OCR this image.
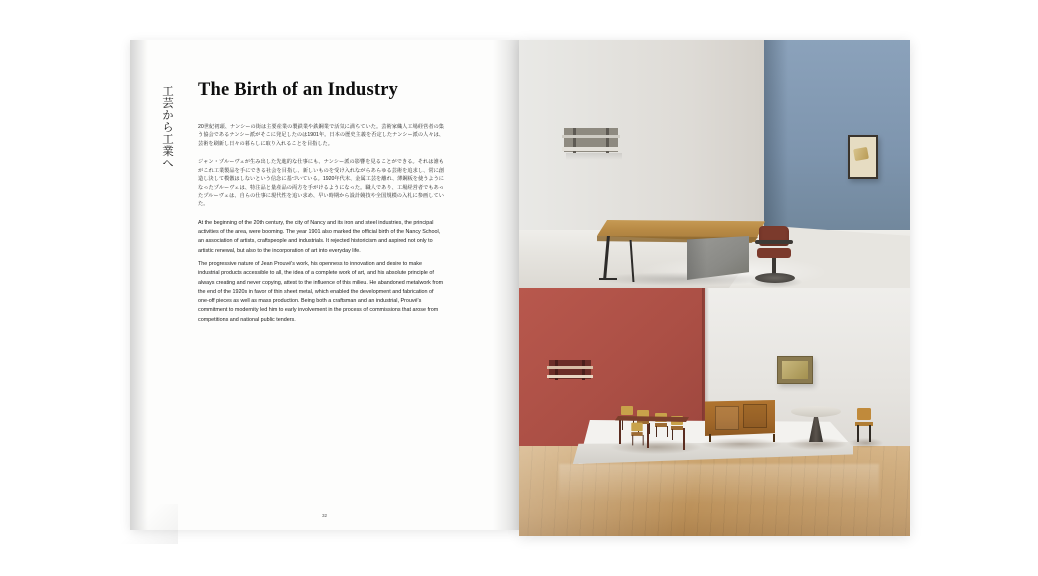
工芸から工業へ The Birth of an Industry
20世紀初頭、ナンシーの街は主要産業の製鉄業や鉄鋼業で活気に満ちていた。芸術家織人工場経営者の集う協会であるナンシー派がそこに発足したのは1901年。日本の歴史主義を否定したナンシー派の人々は、芸術を刷新し日々の暮らしに取り入れることを目指した。
ジャン・プルーヴェが生み出した先進的な仕事にも、ナンシー派の影響を見ることができる。それは誰もがこれ工業製品を手にできる社会を目指し、新しいものを受け入れながらあらゆる芸術を追求し、常に創造し決して模倣はしないという信念に基づいている。1920年代末、金属工芸を離れ、薄鋼板を使うようになったプルーヴェは、特注品と量産品の両方を手がけるようになった。職人であり、工場経営者でもあったプルーヴェは、自らの仕事に現代性を追い求め、早い時期から設計競技や全国規模の入札に参画していた。
At the beginning of the 20th century, the city of Nancy and its iron and steel industries, the principal activities of the area, were booming. The year 1901 also marked the official birth of the Nancy School, an association of artists, craftspeople and industrials. It rejected historicism and aspired not only to artistic renewal, but also to the incorporation of art into everyday life.
The progressive nature of Jean Prouvé's work, his openness to innovation and desire to make industrial products accessible to all, the idea of a complete work of art, and his absolute principle of always creating and never copying, attest to the influence of this milieu. He abandoned metalwork from the end of the 1920s in favor of thin sheet metal, which enabled the development and fabrication of one-off pieces as well as mass production. Being both a craftsman and an industrial, Prouvé's commitment to modernity led him to early involvement in the process of commissions that arose from competitions and national public tenders.
32
